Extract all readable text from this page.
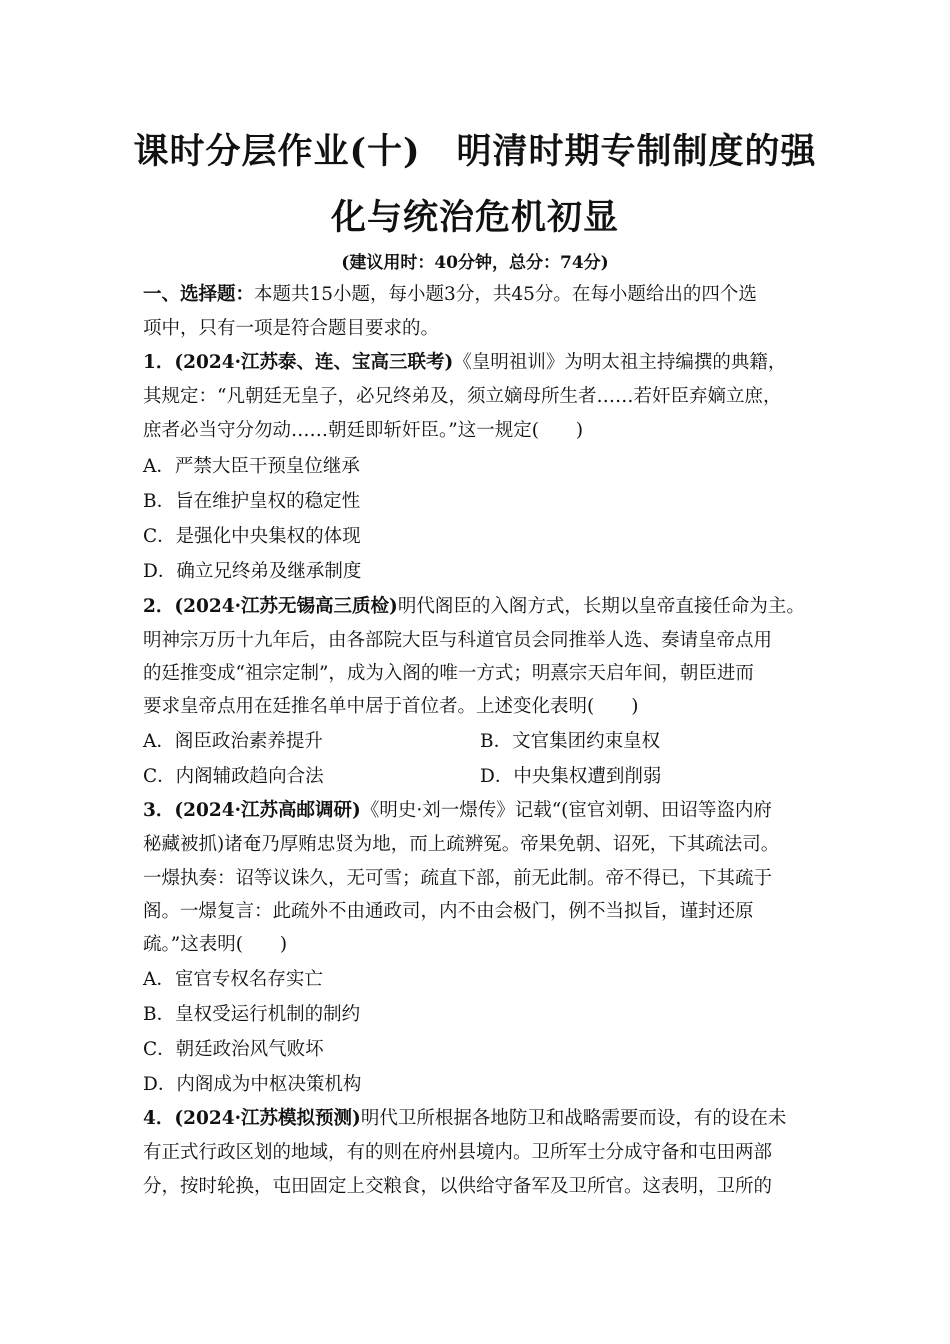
课时分层作业(十)　明清时期专制制度的强
化与统治危机初显
(建议用时：40分钟，总分：74分)
一、选择题：本题共15小题，每小题3分，共45分。在每小题给出的四个选
项中，只有一项是符合题目要求的。
1．(2024·江苏泰、连、宝高三联考)《皇明祖训》为明太祖主持编撰的典籍，
其规定：“凡朝廷无皇子，必兄终弟及，须立嫡母所生者……若奸臣弃嫡立庶，
庶者必当守分勿动……朝廷即斩奸臣。”这一规定(　　)
A．严禁大臣干预皇位继承
B．旨在维护皇权的稳定性
C．是强化中央集权的体现
D．确立兄终弟及继承制度
2．(2024·江苏无锡高三质检)明代阁臣的入阁方式，长期以皇帝直接任命为主。
明神宗万历十九年后，由各部院大臣与科道官员会同推举人选、奏请皇帝点用
的廷推变成“祖宗定制”，成为入阁的唯一方式；明熹宗天启年间，朝臣进而
要求皇帝点用在廷推名单中居于首位者。上述变化表明(　　)
A．阁臣政治素养提升	B．文官集团约束皇权
C．内阁辅政趋向合法	D．中央集权遭到削弱
3．(2024·江苏高邮调研)《明史·刘一燝传》记载“(宦官刘朝、田诏等盗内府
秘藏被抓)诸奄乃厚贿忠贤为地，而上疏辨冤。帝果免朝、诏死，下其疏法司。
一燝执奏：诏等议诛久，无可雪；疏直下部，前无此制。帝不得已，下其疏于
阁。一燝复言：此疏外不由通政司，内不由会极门，例不当拟旨，谨封还原
疏。”这表明(　　)
A．宦官专权名存实亡
B．皇权受运行机制的制约
C．朝廷政治风气败坏
D．内阁成为中枢决策机构
4．(2024·江苏模拟预测)明代卫所根据各地防卫和战略需要而设，有的设在未
有正式行政区划的地域，有的则在府州县境内。卫所军士分成守备和屯田两部
分，按时轮换，屯田固定上交粮食，以供给守备军及卫所官。这表明，卫所的
